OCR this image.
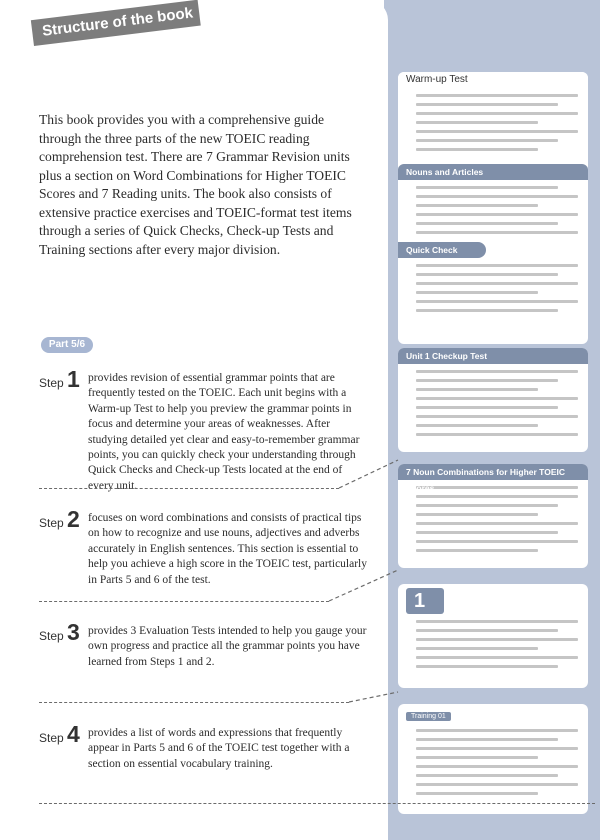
Warm-up Test
Nouns and Articles
Quick Check
Unit 1 Checkup Test
7 Noun Combinations for Higher TOEIC Scores
1
Training 01
Structure of the book

This book provides you with a comprehensive guide through the three parts of the new TOEIC reading comprehension test. There are 7 Grammar Revision units plus a section on Word Combinations for Higher TOEIC Scores and 7 Reading units. The book also consists of extensive practice exercises and TOEIC-format test items through a series of Quick Checks, Check-up Tests and Training sections after every major division.

Part 5/6
Step 1 provides revision of essential grammar points that are frequently tested on the TOEIC. Each unit begins with a Warm-up Test to help you preview the grammar points in focus and determine your areas of weaknesses. After studying detailed yet clear and easy-to-remember grammar points, you can quickly check your understanding through Quick Checks and Check-up Tests located at the end of every unit.

Step 2 focuses on word combinations and consists of practical tips on how to recognize and use nouns, adjectives and adverbs accurately in English sentences. This section is essential to help you achieve a high score in the TOEIC test, particularly in Parts 5 and 6 of the test.

Step 3 provides 3 Evaluation Tests intended to help you gauge your own progress and practice all the grammar points you have learned from Steps 1 and 2.

Step 4 provides a list of words and expressions that frequently appear in Parts 5 and 6 of the TOEIC test together with a section on essential vocabulary training.
